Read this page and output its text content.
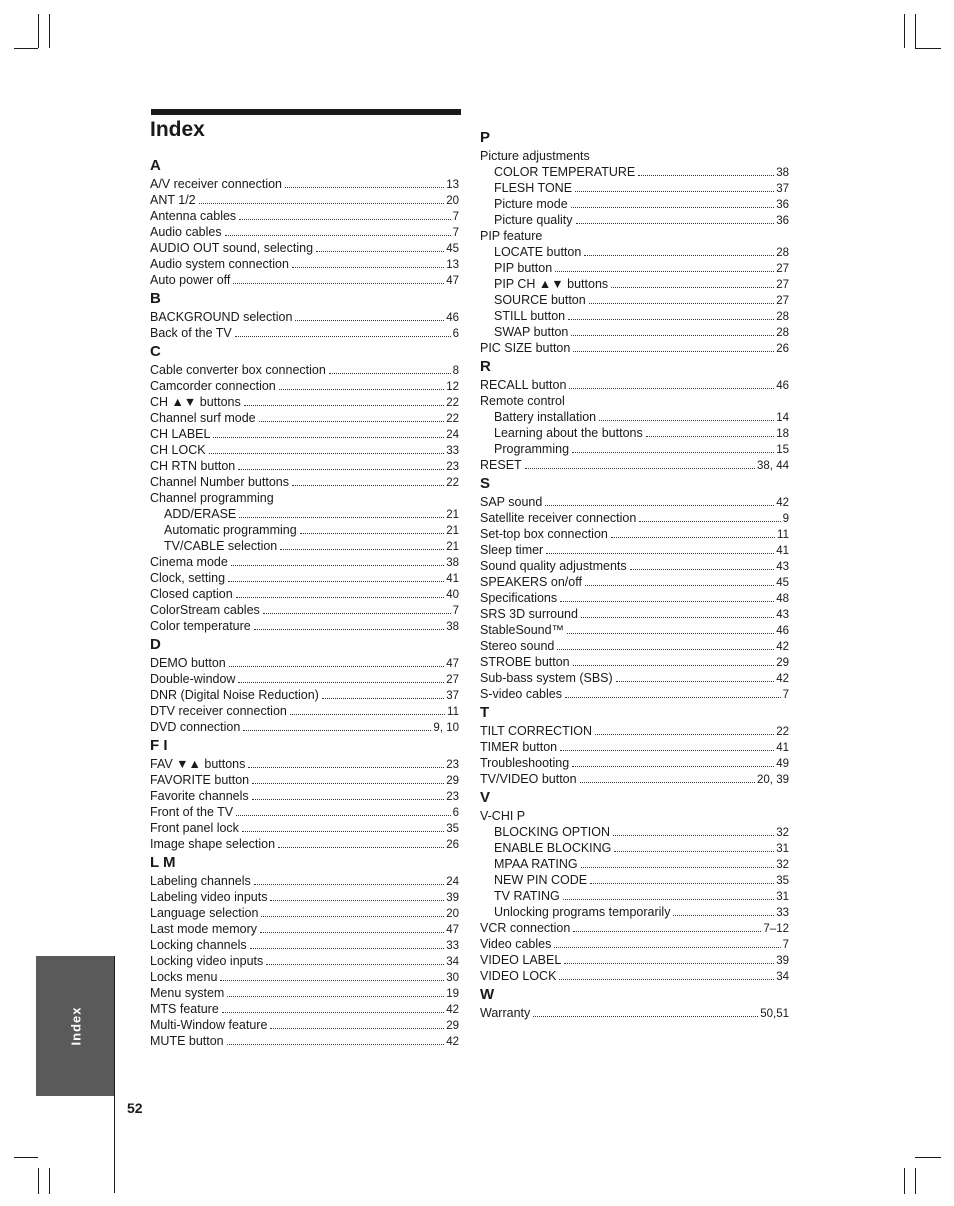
Index
A
A/V receiver connection	13
ANT 1/2	20
Antenna cables	7
Audio cables	7
AUDIO OUT sound, selecting	45
Audio system connection	13
Auto power off	47
B
BACKGROUND selection	46
Back of the TV	6
C
Cable converter box connection	8
Camcorder connection	12
CH ▲▼ buttons	22
Channel surf mode	22
CH LABEL	24
CH LOCK	33
CH RTN button	23
Channel Number buttons	22
Channel programming
ADD/ERASE	21
Automatic programming	21
TV/CABLE selection	21
Cinema mode	38
Clock, setting	41
Closed caption	40
ColorStream cables	7
Color temperature	38
D
DEMO button	47
Double-window	27
DNR (Digital Noise Reduction)	37
DTV receiver connection	11
DVD connection	9, 10
F I
FAV ▼▲ buttons	23
FAVORITE button	29
Favorite channels	23
Front of the TV	6
Front panel lock	35
Image shape selection	26
L M
Labeling channels	24
Labeling video inputs	39
Language selection	20
Last mode memory	47
Locking channels	33
Locking video inputs	34
Locks menu	30
Menu system	19
MTS feature	42
Multi-Window feature	29
MUTE button	42
P
Picture adjustments
COLOR TEMPERATURE	38
FLESH TONE	37
Picture mode	36
Picture quality	36
PIP feature
LOCATE button	28
PIP button	27
PIP CH ▲▼ buttons	27
SOURCE button	27
STILL button	28
SWAP button	28
PIC SIZE button	26
R
RECALL button	46
Remote control
Battery installation	14
Learning about the buttons	18
Programming	15
RESET	38, 44
S
SAP sound	42
Satellite receiver connection	9
Set-top box connection	11
Sleep timer	41
Sound quality adjustments	43
SPEAKERS on/off	45
Specifications	48
SRS 3D surround	43
StableSound™	46
Stereo sound	42
STROBE button	29
Sub-bass system (SBS)	42
S-video cables	7
T
TILT CORRECTION	22
TIMER button	41
Troubleshooting	49
TV/VIDEO button	20, 39
V
V-CHI P
BLOCKING OPTION	32
ENABLE BLOCKING	31
MPAA RATING	32
NEW PIN CODE	35
TV RATING	31
Unlocking programs temporarily	33
VCR connection	7–12
Video cables	7
VIDEO LABEL	39
VIDEO LOCK	34
W
Warranty	50,51
Index
52
